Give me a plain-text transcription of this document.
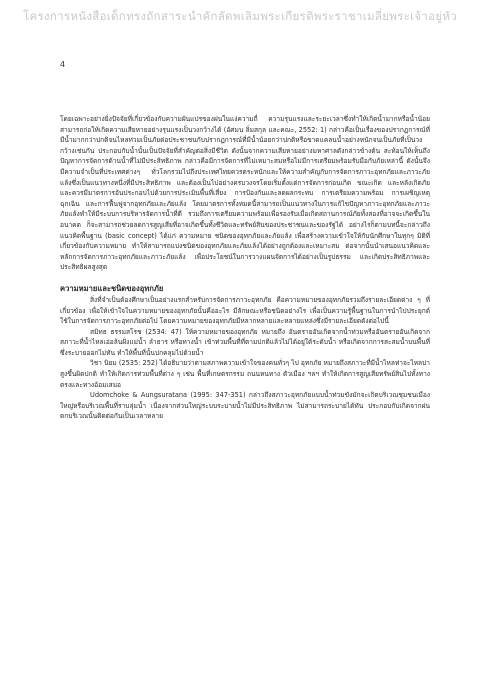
โครงการหนังสือเด็กทรงถักสาระนำคักลัดพเลิมพระเกียรติพระราชาเมลี่ยพระเจ้าอยู่หัว
4

โดยเฉพาะอย่างยิ่งปัจจัยที่เกี่ยวข้องกับความผันแปรของฝนในแง่ความถี่ ความรุนแรงและระยะเวลาซึ่งทำให้เกิดน้ำมากหรือน้ำน้อยสามารถก่อให้เกิดความเสียหายอย่างรุนแรงเป็นวงกว้างได้ (อัศมน ลิ่มสกุล และคณะ, 2552: 1) กล่าวคือเป็นเรื่องของปรากฏการณ์ที่มีน้ำมากกว่าปกติจนไหลท่วมเป็นภัยต่อประชาชนกับปรากฏการณ์ที่มีน้ำน้อยกว่าปกติหรือขาดแคลนน้ำอย่างหนักจนเป็นภัยที่เป็นวงกว้างเช่นกัน ประกอบกับน้ำนั้นเป็นปัจจัยที่สำคัญต่อสิ่งมีชีวิต ดังนั้นจากความเสียหายอย่างมหาศาลดังกล่าวข้างต้น สะท้อนให้เห็นถึงปัญหาการจัดการด้านน้ำที่ไม่มีประสิทธิภาพ กล่าวคือมีการจัดการที่ไม่เหมาะสมหรือไม่มีการเตรียมพร้อมรับมือกับภัยเหล่านี้ ดังนั้นจึงมีความจำเป็นที่ประเทศต่างๆ ทั่วโลกรวมไปถึงประเทศไทยควรตระหนักและให้ความสำคัญกับการจัดการภาวะอุทกภัยและภาวะภัยแล้งซึ่งเป็นแนวทางหนึ่งที่มีประสิทธิภาพ และต้องเป็นไปอย่างครบวงจรโดยเริ่มตั้งแต่การจัดการก่อนเกิด ขณะเกิด และหลังเกิดภัย และควรมีมาตรการอันประกอบไปด้วยการประเมินพื้นที่เสี่ยง การป้องกันและลดผลกระทบ การเตรียมความพร้อม การเผชิญเหตุฉุกเฉิน และการฟื้นฟูจากอุทกภัยและภัยแล้ง โดยมาตรการทั้งหมดนี้สามารถเป็นแนวทางในการแก้ไขปัญหาภาวะอุทกภัยและภาวะภัยแล้งทำให้มีระบบการบริหารจัดการน้ำที่ดี รวมถึงการเตรียมความพร้อมเพื่อรองรับเมื่อเกิดสถานการณ์ภัยทั้งสองที่อาจจะเกิดขึ้นในอนาคต ก็จะสามารถช่วยลดการสูญเสียที่อาจเกิดขึ้นทั้งชีวิตและทรัพย์สินของประชาชนและของรัฐได้ อย่างไรก็ตามบทนี้จะกล่าวถึงแนวคิดพื้นฐาน (basic concept) ได้แก่ ความหมาย ชนิดของอุทกภัยและภัยแล้ง เพื่อสร้างความเข้าใจให้กับนักศึกษาในทุกๆ มิติที่เกี่ยวข้องกับความหมาย ทำให้สามารถแบ่งชนิดของอุทกภัยและภัยแล้งได้อย่างถูกต้องและเหมาะสม ต่อจากนั้นนำเสนอแนวคิดและหลักการจัดการภาวะอุทกภัยและภาวะภัยแล้ง เพื่อประโยชน์ในการวางแผนจัดการได้อย่างเป็นรูปธรรม และเกิดประสิทธิภาพและประสิทธิผลสูงสุด

ความหมายและชนิดของอุทกภัย

สิ่งที่จำเป็นต้องศึกษาเป็นอย่างแรกสำหรับการจัดการภาวะอุทกภัย คือความหมายของอุทกภัยรวมถึงรายละเอียดต่าง ๆ ที่เกี่ยวข้อง เพื่อให้เข้าใจในความหมายของอุทกภัยนั้นคืออะไร มีลักษณะหรือชนิดอย่างไร เพื่อเป็นความรู้พื้นฐานในการนำไปประยุกต์ใช้ในการจัดการภาวะอุทกภัยต่อไป โดยความหมายของอุทกภัยมีหลากหลายและหลายแหล่งซึ่งมีรายละเอียดดังต่อไปนี้

สมิทธ ธรรมสโรช (2534: 47) ให้ความหมายของอุทกภัย หมายถึง อันตรายอันเกิดจากน้ำท่วมหรืออันตรายอันเกิดจากสภาวะที่น้ำไหลเอ่อล้นฝั่งแม่น้ำ ลำธาร หรือทางน้ำ เข้าท่วมพื้นที่ที่ตามปกติแล้วไม่ได้อยู่ใต้ระดับน้ำ หรือเกิดจากการสะสมน้ำบนพื้นที่ซึ่งระบายออกไม่ทัน ทำให้พื้นที่นั้นปกคลุมไปด้วยน้ำ

วิชา นิยม (2535: 252) ได้อธิบายว่าตามสภาพความเข้าใจของคนทั่วๆ ไป อุทกภัย หมายถึงสภาวะที่มีน้ำไหลท่าจะไหลบ่าสูงขึ้นผิดปกติ ทำให้เกิดการท่วมพื้นที่ต่าง ๆ เช่น พื้นที่เกษตรกรรม ถนนหนทาง ตัวเมือง ฯลฯ ทำให้เกิดการสูญเสียทรัพย์สินไปทั้งทางตรงและทางอ้อมเสมอ

Udomchoke & Aungsuratana (1995: 347-351) กล่าวถึงสภาวะอุทกภัยแบบน้ำท่วมขังมักจะเกิดบริเวณชุมชนเมืองใหญ่หรือบริเวณพื้นที่ราบลุ่มน้ำ เนื่องจากส่วนใหญ่ระบบระบายน้ำไม่มีประสิทธิภาพ ไม่สามารถระบายได้ทัน ประกอบกับเกิดจากฝนตกบริเวณนั้นติดต่อกันเป็นเวลาหลาย
